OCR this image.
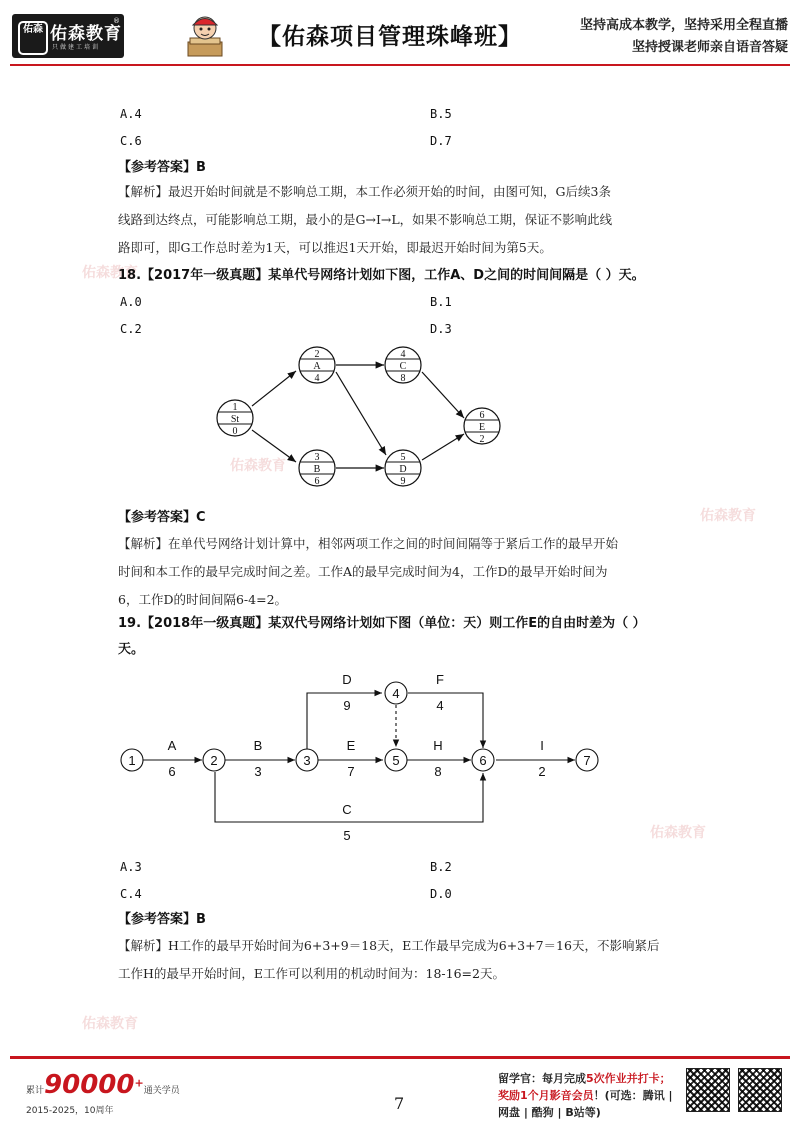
佑森 佑森教育
®
只做建工培训	【佑森项目管理珠峰班】	坚持高成本教学，坚持采用全程直播
坚持授课老师亲自语音答疑
佑森教育
佑森教育
佑森教育
佑森教育
佑森教育
A.4	B.5
C.6	D.7
【参考答案】B
【解析】最迟开始时间就是不影响总工期，本工作必须开始的时间，由图可知，G后续3条
线路到达终点，可能影响总工期，最小的是G→I→L，如果不影响总工期，保证不影响此线
路即可，即G工作总时差为1天，可以推迟1天开始，即最迟开始时间为第5天。
18.【2017年一级真题】某单代号网络计划如下图，工作A、D之间的时间间隔是（ ）天。
A.0	B.1
C.2	D.3
1
St
0
2
A
4
3
B
6
4
C
8
5
D
9
6
E
2
【参考答案】C
【解析】在单代号网络计划计算中，相邻两项工作之间的时间间隔等于紧后工作的最早开始
时间和本工作的最早完成时间之差。工作A的最早完成时间为4，工作D的最早开始时间为
6，工作D的时间间隔6-4=2。
19.【2018年一级真题】某双代号网络计划如下图（单位：天）则工作E的自由时差为（ ）
天。
1	2	3
4
5	6	7
A
6
B
3
D
9
F
4
E
7
H
8
I
2
C
5
A.3	B.2
C.4	D.0
【参考答案】B
【解析】H工作的最早开始时间为6+3+9＝18天，E工作最早完成为6+3+7＝16天，不影响紧后
工作H的最早开始时间，E工作可以利用的机动时间为：18-16=2天。
累计90000+通关学员
2015-2025，10周年	7
留学官：每月完成5次作业并打卡；
奖励1个月影音会员！(可选：腾讯 |
网盘 | 酷狗 | B站等)
